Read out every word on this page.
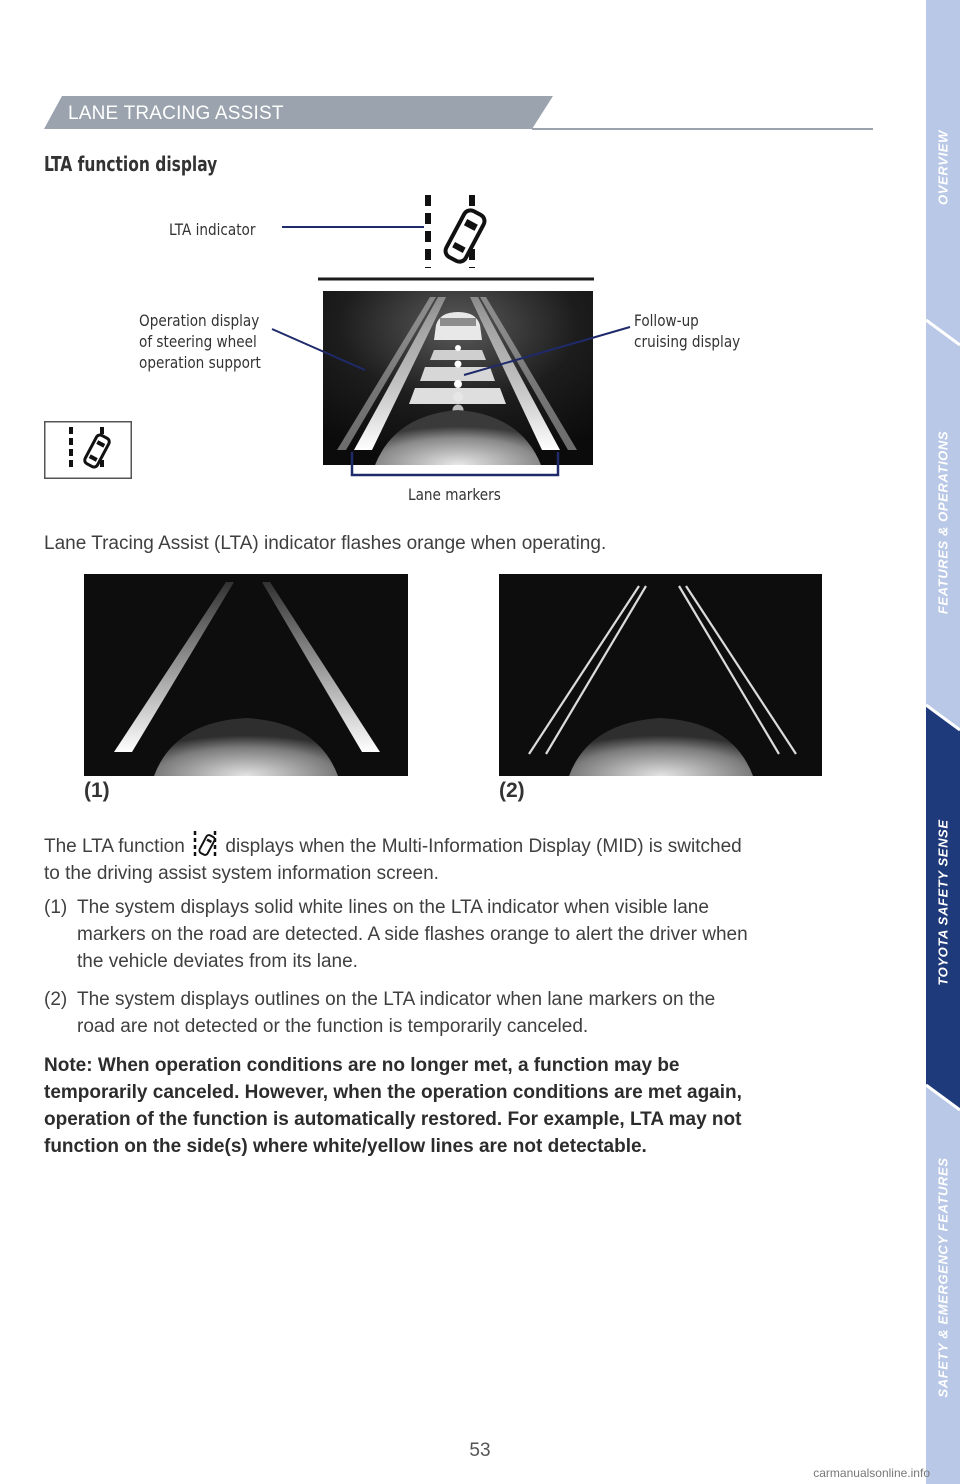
LANE TRACING ASSIST
LTA function display
LTA indicator
Operation display
of steering wheel
operation support
Follow-up
cruising display
Lane markers
Lane Tracing Assist (LTA) indicator flashes orange when operating.
(1)	(2)
The LTA function displays when the Multi-Information Display (MID) is switched
to the driving assist system information screen.
(1) The system displays solid white lines on the LTA indicator when visible lane
markers on the road are detected. A side flashes orange to alert the driver when
the vehicle deviates from its lane.
(2) The system displays outlines on the LTA indicator when lane markers on the
road are not detected or the function is temporarily canceled.
Note: When operation conditions are no longer met, a function may be
temporarily canceled. However, when the operation conditions are met again,
operation of the function is automatically restored. For example, LTA may not
function on the side(s) where white/yellow lines are not detectable.
OVERVIEW
FEATURES & OPERATIONS
TOYOTA SAFETY SENSE
SAFETY & EMERGENCY FEATURES
53
carmanualsonline.info
